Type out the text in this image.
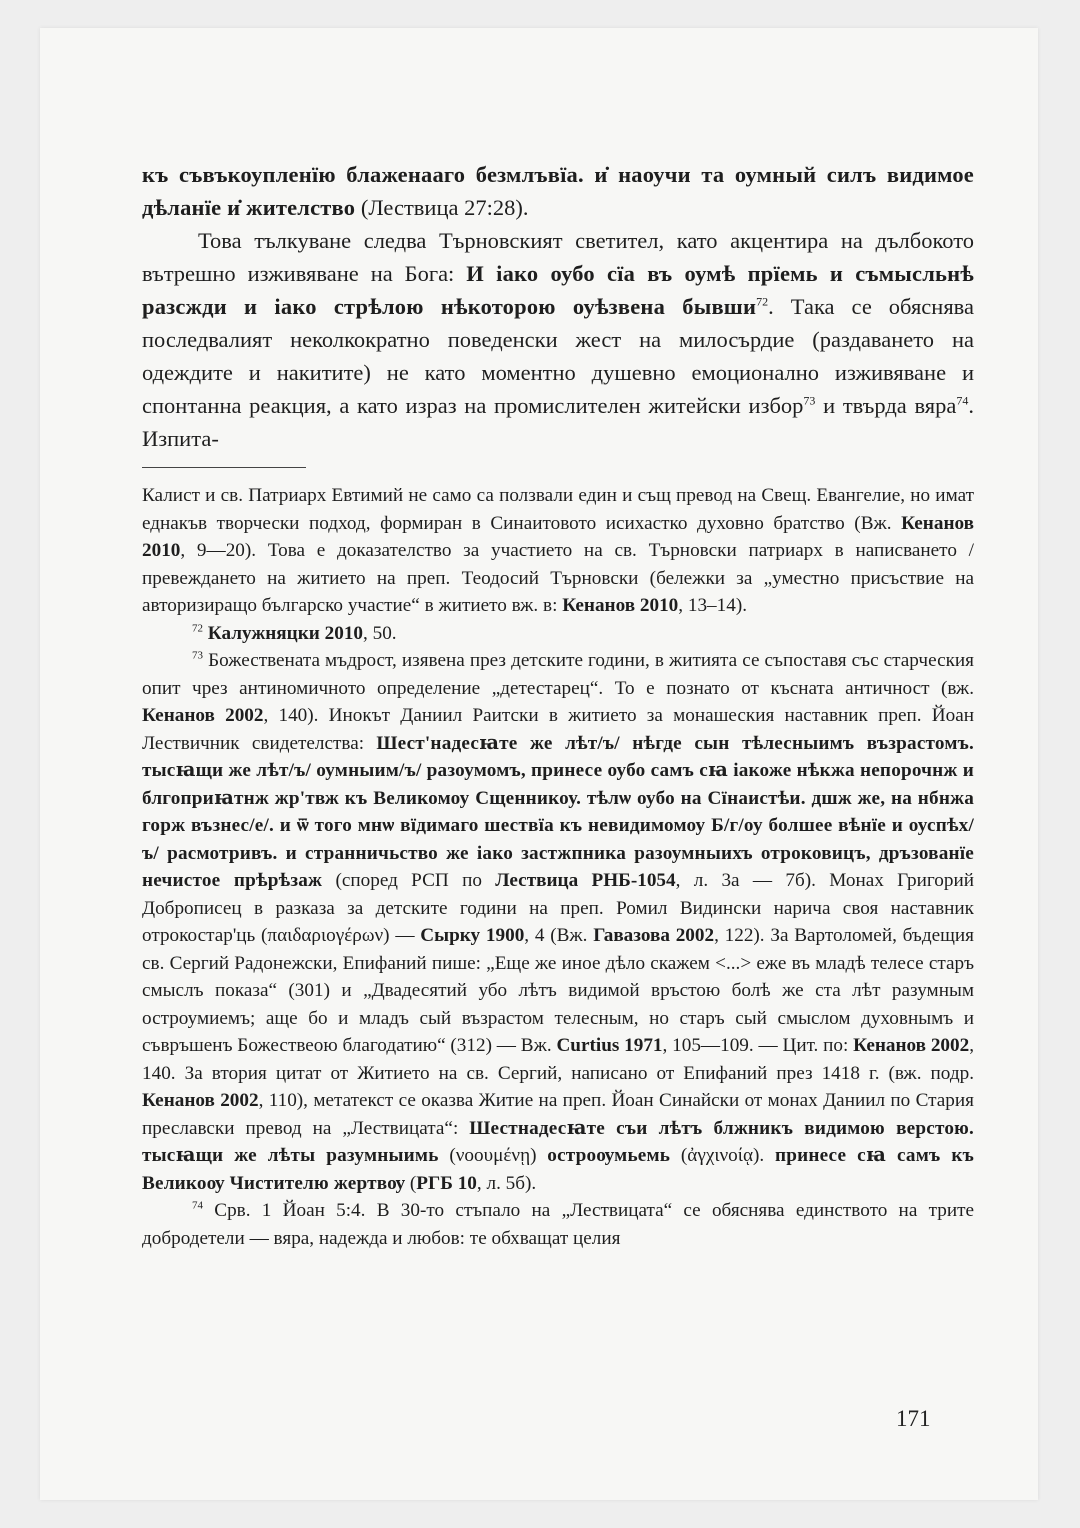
къ съвъкоупленїю блаженааго безмлъвїа. и̇ наоучи та оумный силъ видимое дѣланїе и̇ жителство (Лествица 27:28).

Това тълкуване следва Търновският светител, като акцентира на дълбокото вътрешно изживяване на Бога: И іако оубо сїа въ оумѣ прїемь и съмысльнѣ разсжди и іако стрѣлою нѣкоторою оуѣзвена бывши$^{72}$. Така се обяснява последвалият неколкократно поведенски жест на милосърдие (раздаването на одеждите и накитите) не като моментно душевно емоционално изживяване и спонтанна реакция, а като израз на промислителен житейски избор$^{73}$ и твърда вяра$^{74}$. Изпита-

Калист и св. Патриарх Евтимий не само са ползвали един и същ превод на Свещ. Евангелие, но имат еднакъв творчески подход, формиран в Синаитовото исихастко духовно братство (Вж. Кенанов 2010, 9—20). Това е доказателство за участието на св. Търновски патриарх в написването / превеждането на житието на преп. Теодосий Търновски (бележки за „уместно присъствие на авторизиращо българско участие“ в житието вж. в: Кенанов 2010, 13–14).

$^{72}$ Калужняцки 2010, 50.

$^{73}$ Божествената мъдрост, изявена през детските години, в житията се съпоставя със старческия опит чрез антиномичното определение „детестарец“. То е познато от късната античност (вж. Кенанов 2002, 140). Инокът Даниил Раитски в житието за монашеския наставник преп. Йоан Лествичник свидетелства: Шест'надесꙗте же лѣт/ъ/ нѣгде сын тѣлесныимъ възрастомъ. тысꙗщи же лѣт/ъ/ оумныим/ъ/ разоумомъ, принесе оубо самъ сꙗ іакоже нѣкжа непорочнж и блгоприꙗтнж жр'твж къ Великомоу Сщенникоу. тѣлѡ оубо на Сїнаистѣи. дшж же, на нбнжа горж възнес/е/. и ѿ того мнѡ вїдимаго шествїа къ невидимомоу Б/г/оу болшее вѣнїе и оуспѣх/ъ/ расмотривъ. и странничьство же іако застжпника разоумныихъ отроковицъ, дръзованїе нечистое прѣрѣзаж (според РСП по Лествица РНБ-1054, л. 3а — 7б). Монах Григорий Доброписец в разказа за детските години на преп. Ромил Видински нарича своя наставник отрокостар'ць (παιδαριογέρων) — Сырку 1900, 4 (Вж. Гавазова 2002, 122). За Вартоломей, бъдещия св. Сергий Радонежски, Епифаний пише: „Еще же иное дѣло скажем <...> еже въ младѣ телесе старъ смыслъ показа“ (301) и „Двадесятий убо лѣтъ видимой връстою болѣ же ста лѣт разумным остроумиемъ; аще бо и младъ сый възрастом телесным, но старъ сый смыслом духовнымъ и съвръшенъ Божествеою благодатию“ (312) — Вж. Curtius 1971, 105—109. — Цит. по: Кенанов 2002, 140. За втория цитат от Житието на св. Сергий, написано от Епифаний през 1418 г. (вж. подр. Кенанов 2002, 110), метатекст се оказва Житие на преп. Йоан Синайски от монах Даниил по Стария преславски превод на „Лествицата“: Шестнадесꙗте съи лѣтъ блжникъ видимою верстою. тысꙗщи же лѣты разумныимь (νοουμένῃ) остроѹмьемь (ἀγχινοίᾳ). принесе сꙗ самъ къ Великоѹ Чистителю жертвѹ (РГБ 10, л. 5б).

$^{74}$ Срв. 1 Йоан 5:4. В 30-то стъпало на „Лествицата“ се обяснява единството на трите добродетели — вяра, надежда и любов: те обхващат целия

171
